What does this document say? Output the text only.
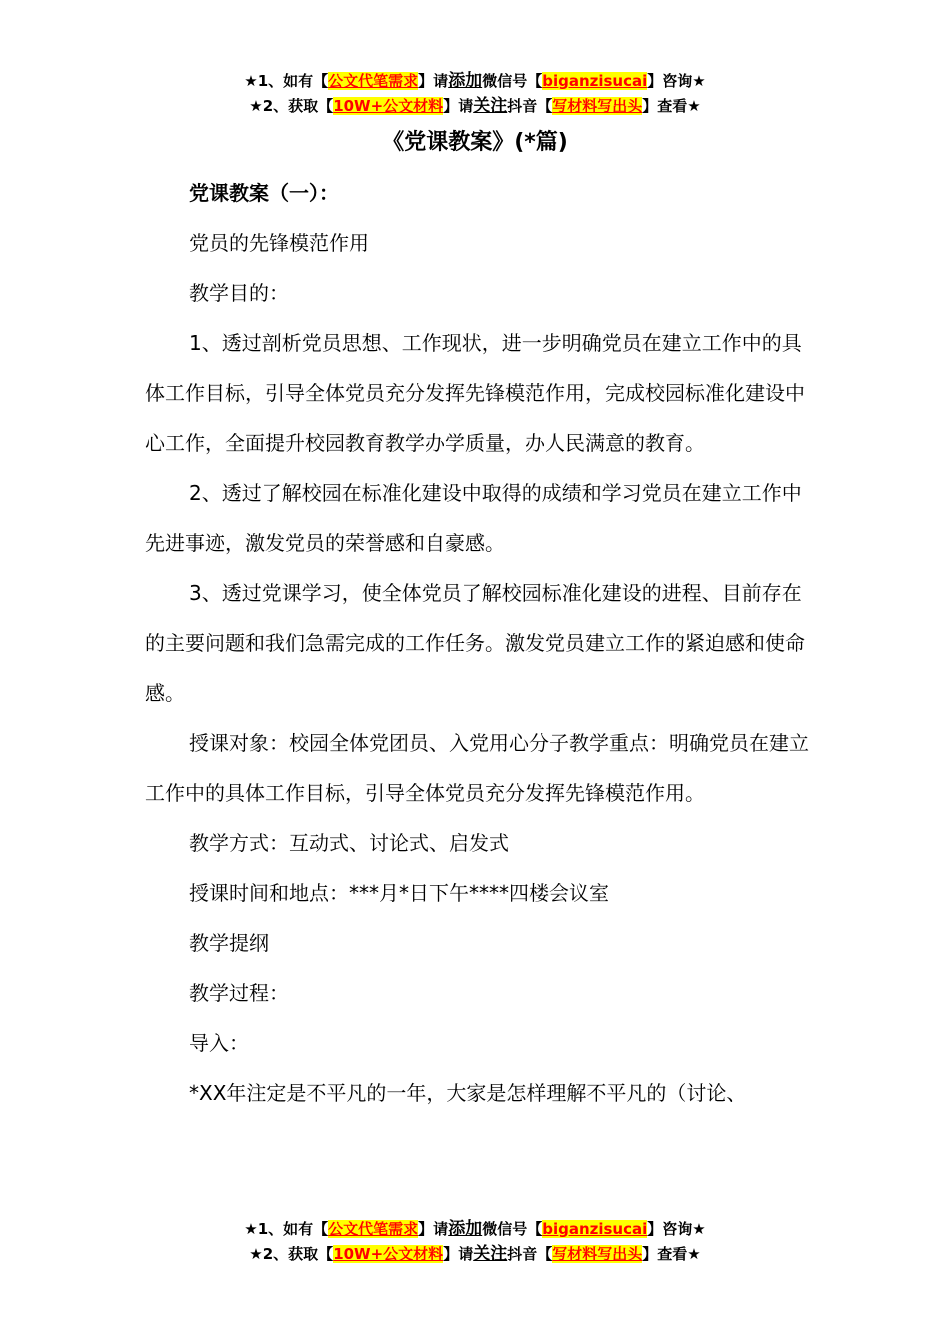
★1、如有【公文代笔需求】请添加微信号【biganzisucai】咨询★
★2、获取【10W+公文材料】请关注抖音【写材料写出头】查看★
《党课教案》(*篇)

党课教案（一）：

党员的先锋模范作用

教学目的：

1、透过剖析党员思想、工作现状，进一步明确党员在建立工作中的具体工作目标，引导全体党员充分发挥先锋模范作用，完成校园标准化建设中心工作，全面提升校园教育教学办学质量，办人民满意的教育。

2、透过了解校园在标准化建设中取得的成绩和学习党员在建立工作中先进事迹，激发党员的荣誉感和自豪感。

3、透过党课学习，使全体党员了解校园标准化建设的进程、目前存在的主要问题和我们急需完成的工作任务。激发党员建立工作的紧迫感和使命感。

授课对象：校园全体党团员、入党用心分子教学重点：明确党员在建立工作中的具体工作目标，引导全体党员充分发挥先锋模范作用。

教学方式：互动式、讨论式、启发式

授课时间和地点：***月*日下午****四楼会议室

教学提纲

教学过程：

导入：

*XX年注定是不平凡的一年，大家是怎样理解不平凡的（讨论、

★1、如有【公文代笔需求】请添加微信号【biganzisucai】咨询★
★2、获取【10W+公文材料】请关注抖音【写材料写出头】查看★
